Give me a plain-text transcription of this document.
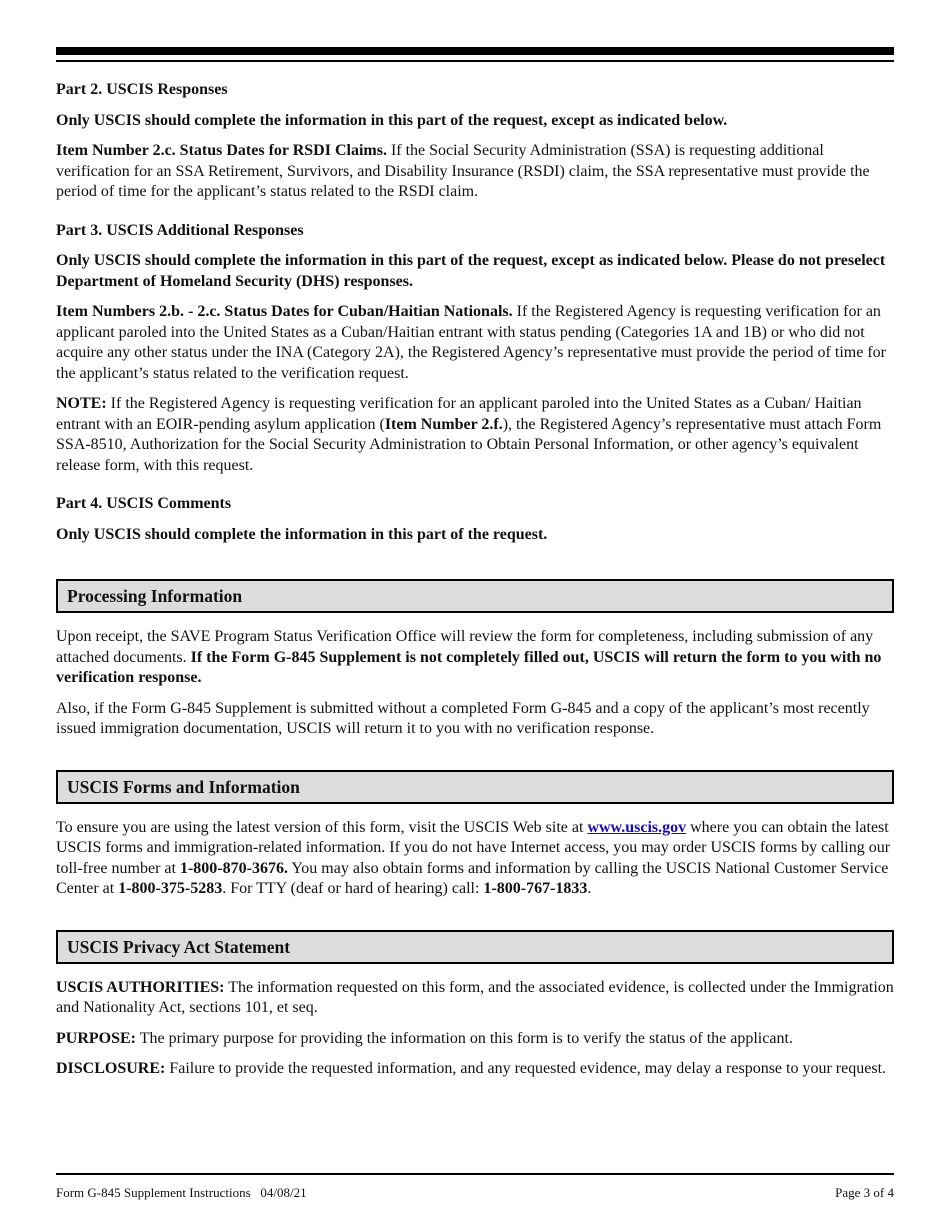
Part 2. USCIS Responses

Only USCIS should complete the information in this part of the request, except as indicated below.

Item Number 2.c. Status Dates for RSDI Claims. If the Social Security Administration (SSA) is requesting additional verification for an SSA Retirement, Survivors, and Disability Insurance (RSDI) claim, the SSA representative must provide the period of time for the applicant’s status related to the RSDI claim.

Part 3. USCIS Additional Responses

Only USCIS should complete the information in this part of the request, except as indicated below. Please do not preselect Department of Homeland Security (DHS) responses.

Item Numbers 2.b. - 2.c. Status Dates for Cuban/Haitian Nationals. If the Registered Agency is requesting verification for an applicant paroled into the United States as a Cuban/Haitian entrant with status pending (Categories 1A and 1B) or who did not acquire any other status under the INA (Category 2A), the Registered Agency’s representative must provide the period of time for the applicant’s status related to the verification request.

NOTE: If the Registered Agency is requesting verification for an applicant paroled into the United States as a Cuban/ Haitian entrant with an EOIR-pending asylum application (Item Number 2.f.), the Registered Agency’s representative must attach Form SSA-8510, Authorization for the Social Security Administration to Obtain Personal Information, or other agency’s equivalent release form, with this request.

Part 4. USCIS Comments

Only USCIS should complete the information in this part of the request.

Processing Information

Upon receipt, the SAVE Program Status Verification Office will review the form for completeness, including submission of any attached documents. If the Form G-845 Supplement is not completely filled out, USCIS will return the form to you with no verification response.

Also, if the Form G-845 Supplement is submitted without a completed Form G-845 and a copy of the applicant’s most recently issued immigration documentation, USCIS will return it to you with no verification response.

USCIS Forms and Information

To ensure you are using the latest version of this form, visit the USCIS Web site at www.uscis.gov where you can obtain the latest USCIS forms and immigration-related information. If you do not have Internet access, you may order USCIS forms by calling our toll-free number at 1-800-870-3676. You may also obtain forms and information by calling the USCIS National Customer Service Center at 1-800-375-5283. For TTY (deaf or hard of hearing) call: 1-800-767-1833.

USCIS Privacy Act Statement

USCIS AUTHORITIES: The information requested on this form, and the associated evidence, is collected under the Immigration and Nationality Act, sections 101, et seq.

PURPOSE: The primary purpose for providing the information on this form is to verify the status of the applicant.

DISCLOSURE: Failure to provide the requested information, and any requested evidence, may delay a response to your request.

Form G-845 Supplement Instructions   04/08/21	Page 3 of 4
